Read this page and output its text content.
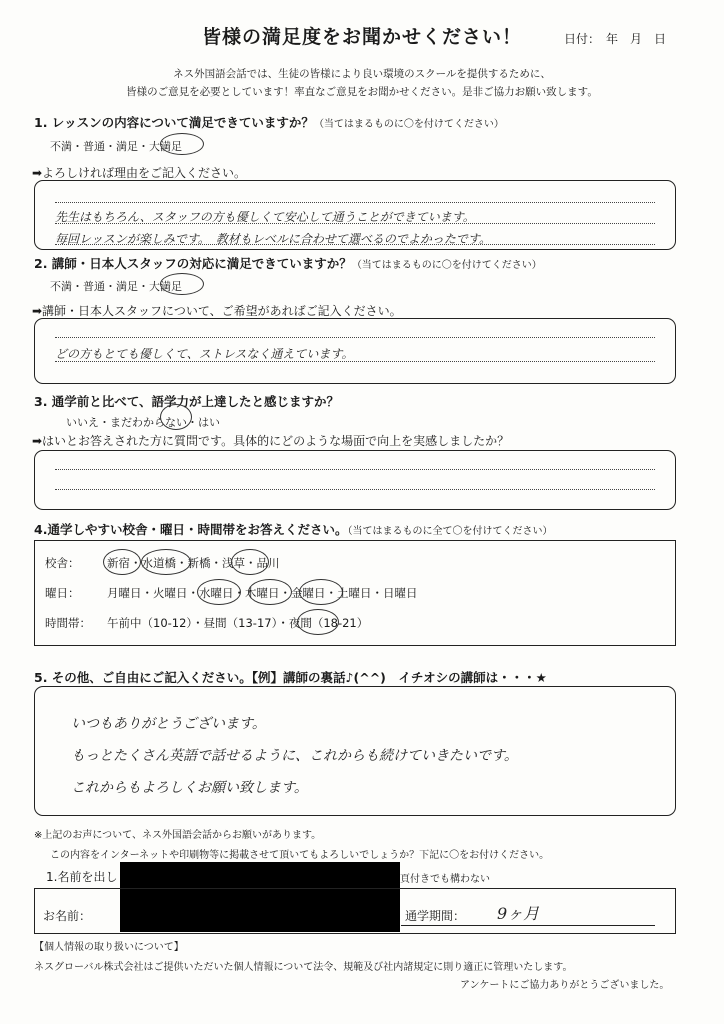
皆様の満足度をお聞かせください！	日付：　年　月　日
ネス外国語会話では、生徒の皆様により良い環境のスクールを提供するために、
皆様のご意見を必要としています！率直なご意見をお聞かせください。是非ご協力お願い致します。
1. レッスンの内容について満足できていますか？（当てはまるものに〇を付けてください）
不満・普通・満足・大満足
➡よろしければ理由をご記入ください。
先生はもちろん、スタッフの方も優しくて安心して通うことができています。
毎回レッスンが楽しみです。　教材もレベルに合わせて選べるのでよかったです。
2. 講師・日本人スタッフの対応に満足できていますか？（当てはまるものに〇を付けてください）
不満・普通・満足・大満足
➡講師・日本人スタッフについて、ご希望があればご記入ください。
どの方もとても優しくて、ストレスなく通えています。
3. 通学前と比べて、語学力が上達したと感じますか？
いいえ・まだわからない・はい
➡はいとお答えされた方に質問です。具体的にどのような場面で向上を実感しましたか？
4.通学しやすい校舎・曜日・時間帯をお答えください。（当てはまるものに全て〇を付けてください）
校舎： 新宿・水道橋・新橋・浅草・品川
曜日： 月曜日・火曜日・水曜日・木曜日・金曜日・土曜日・日曜日
時間帯： 午前中（10-12）・昼間（13-17）・夜間（18-21）
5. その他、ご自由にご記入ください。【例】講師の裏話♪(^^)　イチオシの講師は・・・★
いつもありがとうございます。
もっとたくさん英語で話せるように、これからも続けていきたいです。
これからもよろしくお願い致します。
※上記のお声について、ネス外国語会話からお願いがあります。
この内容をインターネットや印刷物等に掲載させて頂いてもよろしいでしょうか？下記に〇をお付けください。
1.名前を出し	頁付きでも構わない
お名前：	通学期間： 9ヶ月
【個人情報の取り扱いについて】
ネスグローバル株式会社はご提供いただいた個人情報について法令、規範及び社内諸規定に則り適正に管理いたします。
アンケートにご協力ありがとうございました。
